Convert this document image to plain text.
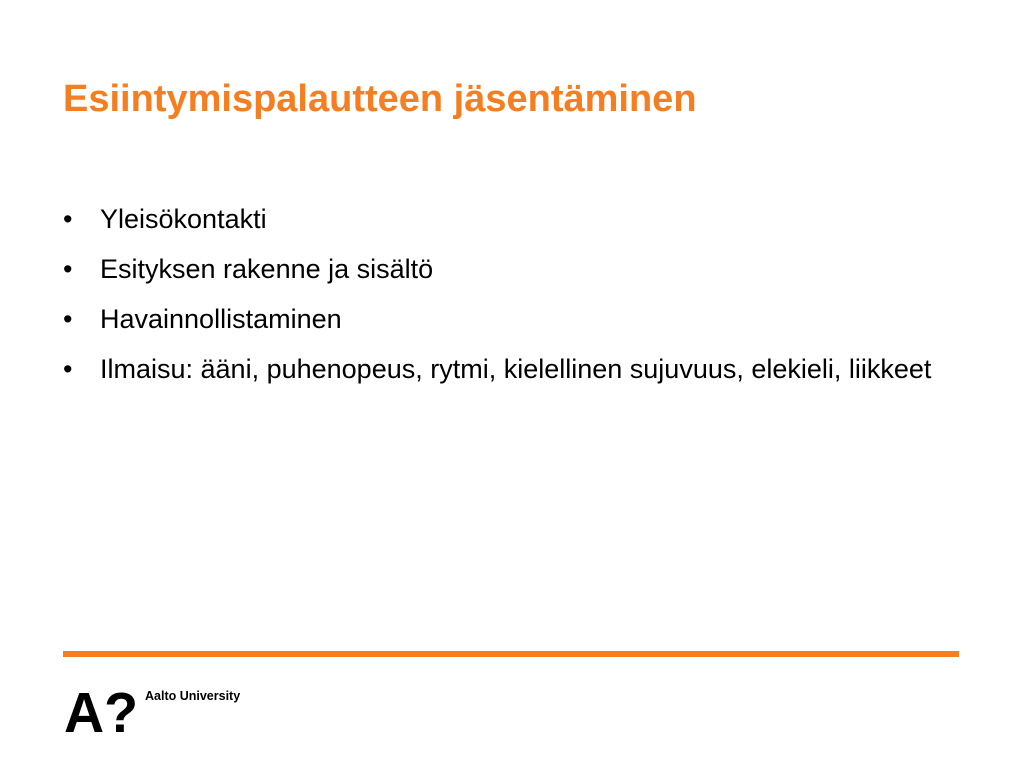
Esiintymispalautteen jäsentäminen
• Yleisökontakti
• Esityksen rakenne ja sisältö
• Havainnollistaminen
• Ilmaisu: ääni, puhenopeus, rytmi, kielellinen sujuvuus, elekieli, liikkeet
A? Aalto University
